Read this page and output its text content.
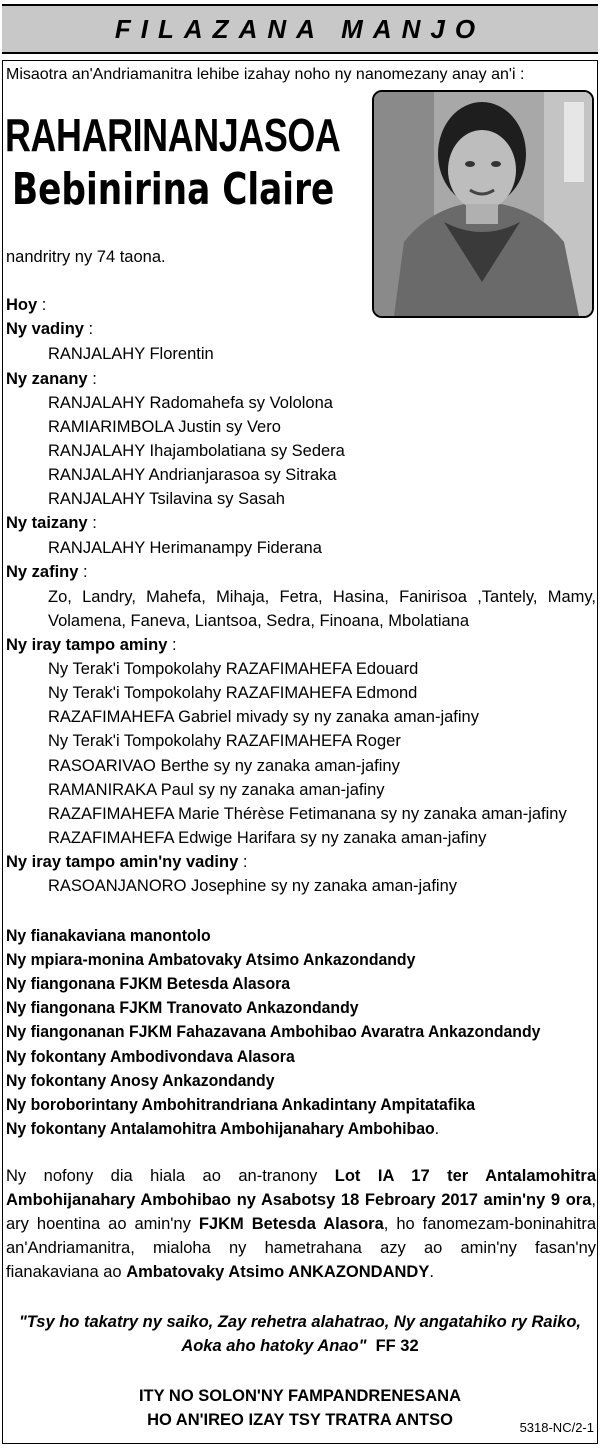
FILAZANA MANJO
Misaotra an'Andriamanitra lehibe izahay noho ny nanomezany anay an'i :
RAHARINANJASOA
Bebinirina Claire
nandritry ny 74 taona.
Hoy :
Ny vadiny :
RANJALAHY Florentin
Ny zanany :
RANJALAHY Radomahefa sy Vololona
RAMIARIMBOLA Justin sy Vero
RANJALAHY Ihajambolatiana sy Sedera
RANJALAHY Andrianjarasoa sy Sitraka
RANJALAHY Tsilavina sy Sasah
Ny taizany :
RANJALAHY Herimanampy Fiderana
Ny zafiny :
Zo, Landry, Mahefa, Mihaja, Fetra, Hasina, Fanirisoa ,Tantely, Mamy,
Volamena, Faneva, Liantsoa, Sedra, Finoana, Mbolatiana
Ny iray tampo aminy :
Ny Terak'i Tompokolahy RAZAFIMAHEFA Edouard
Ny Terak'i Tompokolahy RAZAFIMAHEFA Edmond
RAZAFIMAHEFA Gabriel mivady sy ny zanaka aman-jafiny
Ny Terak'i Tompokolahy RAZAFIMAHEFA Roger
RASOARIVAO Berthe sy ny zanaka aman-jafiny
RAMANIRAKA Paul sy ny zanaka aman-jafiny
RAZAFIMAHEFA Marie Thérèse Fetimanana sy ny zanaka aman-jafiny
RAZAFIMAHEFA Edwige Harifara sy ny zanaka aman-jafiny
Ny iray tampo amin'ny vadiny :
RASOANJANORO Josephine sy ny zanaka aman-jafiny
Ny fianakaviana manontolo
Ny mpiara-monina Ambatovaky Atsimo Ankazondandy
Ny fiangonana FJKM Betesda Alasora
Ny fiangonana FJKM Tranovato Ankazondandy
Ny fiangonanan FJKM Fahazavana Ambohibao Avaratra Ankazondandy
Ny fokontany Ambodivondava Alasora
Ny fokontany Anosy Ankazondandy
Ny boroborintany Ambohitrandriana Ankadintany Ampitatafika
Ny fokontany Antalamohitra Ambohijanahary Ambohibao.
Ny nofony dia hiala ao an-tranony Lot IA 17 ter Antalamohitra Ambohijanahary Ambohibao ny Asabotsy 18 Febroary 2017 amin'ny 9 ora, ary hoentina ao amin'ny FJKM Betesda Alasora, ho fanomezam-boninahitra an'Andriamanitra, mialoha ny hametrahana azy ao amin'ny fasan'ny fianakaviana ao Ambatovaky Atsimo ANKAZONDANDY.
"Tsy ho takatry ny saiko, Zay rehetra alahatrao, Ny angatahiko ry Raiko,
Aoka aho hatoky Anao" FF 32
ITY NO SOLON'NY FAMPANDRENESANA
HO AN'IREO IZAY TSY TRATRA ANTSO	5318-NC/2-1
